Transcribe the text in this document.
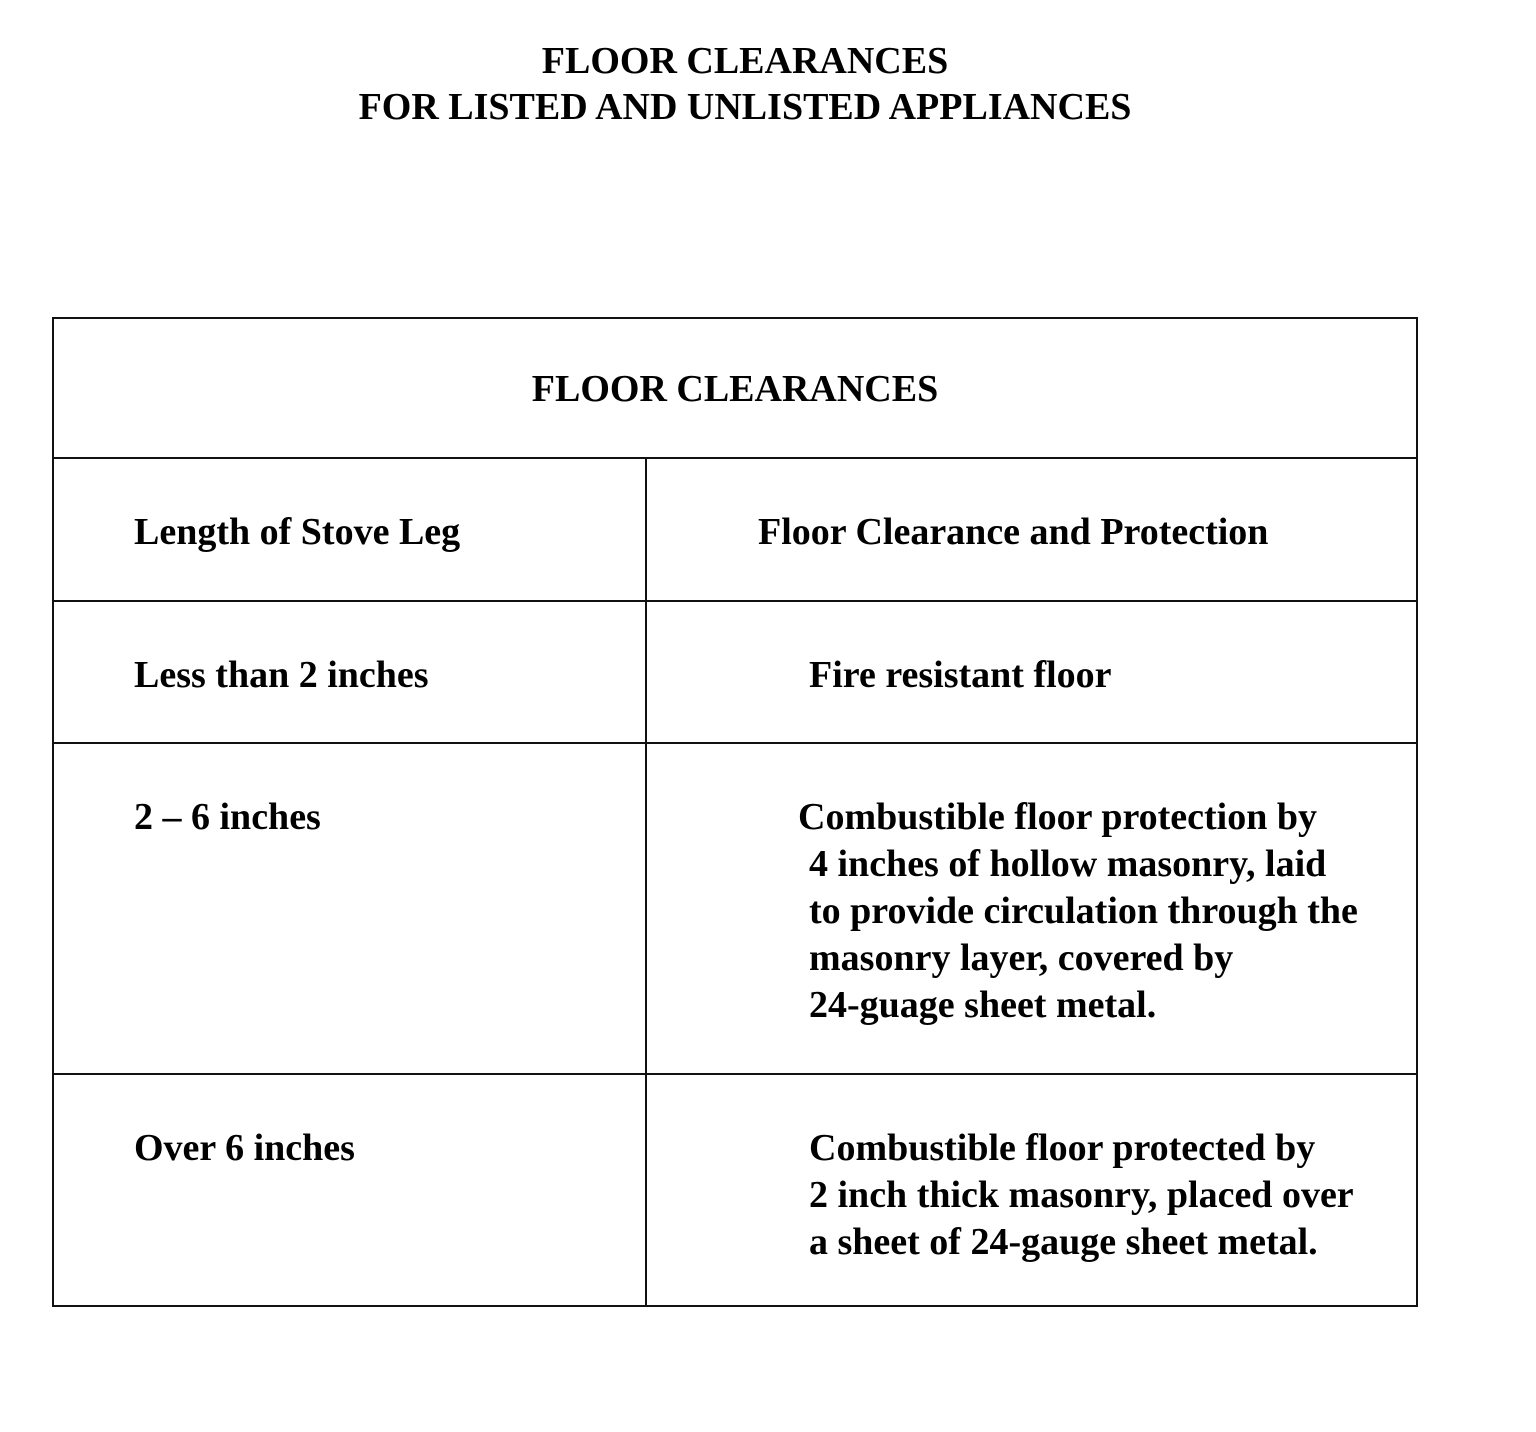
FLOOR CLEARANCES
FOR LISTED AND UNLISTED APPLIANCES
FLOOR CLEARANCES
Length of Stove Leg	Floor Clearance and Protection
Less than 2 inches	Fire resistant floor
2 – 6 inches	Combustible floor protection by
4 inches of hollow masonry, laid
to provide circulation through the
masonry layer, covered by
24-guage sheet metal.
Over 6 inches	Combustible floor protected by
2 inch thick masonry, placed over
a sheet of 24-gauge sheet metal.
